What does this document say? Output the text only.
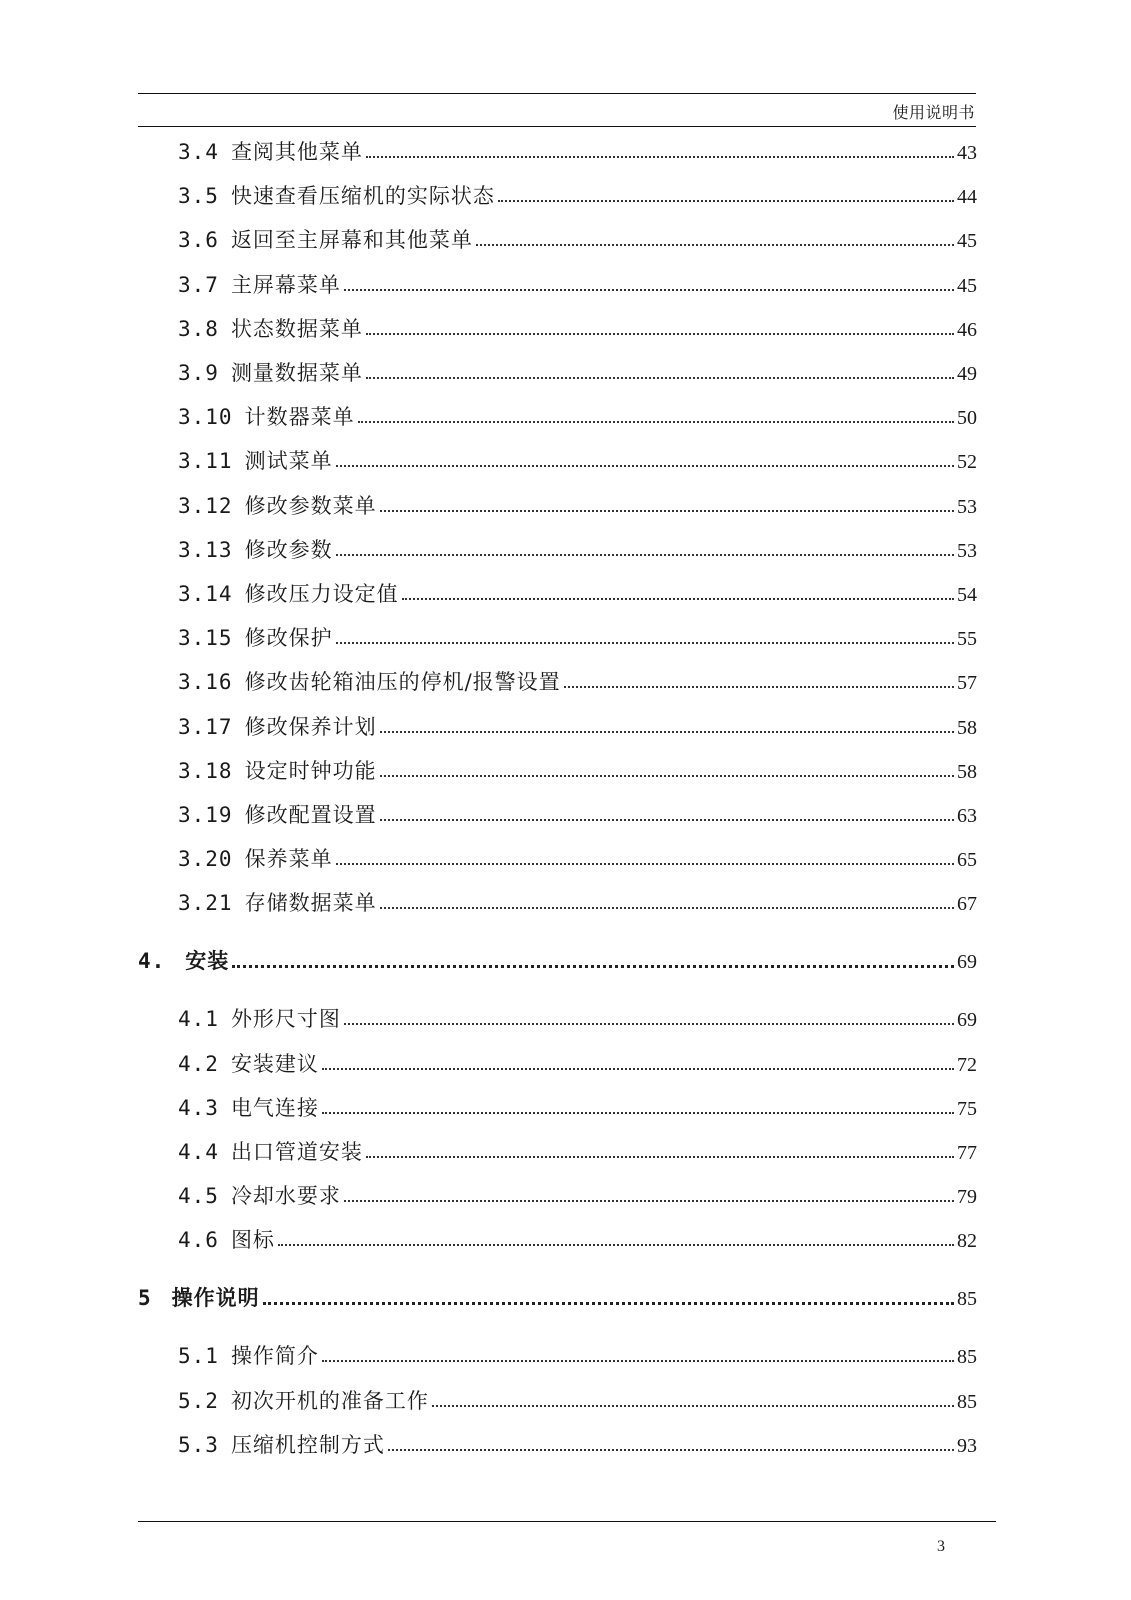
使用说明书
3.4 查阅其他菜单	43
3.5 快速查看压缩机的实际状态	44
3.6 返回至主屏幕和其他菜单	45
3.7 主屏幕菜单	45
3.8 状态数据菜单	46
3.9 测量数据菜单	49
3.10 计数器菜单	50
3.11 测试菜单	52
3.12 修改参数菜单	53
3.13 修改参数	53
3.14 修改压力设定值	54
3.15 修改保护	55
3.16 修改齿轮箱油压的停机/报警设置	57
3.17 修改保养计划	58
3.18 设定时钟功能	58
3.19 修改配置设置	63
3.20 保养菜单	65
3.21 存储数据菜单	67
4. 安装	69
4.1 外形尺寸图	69
4.2 安装建议	72
4.3 电气连接	75
4.4 出口管道安装	77
4.5 冷却水要求	79
4.6 图标	82
5 操作说明	85
5.1 操作简介	85
5.2 初次开机的准备工作	85
5.3 压缩机控制方式	93
3
